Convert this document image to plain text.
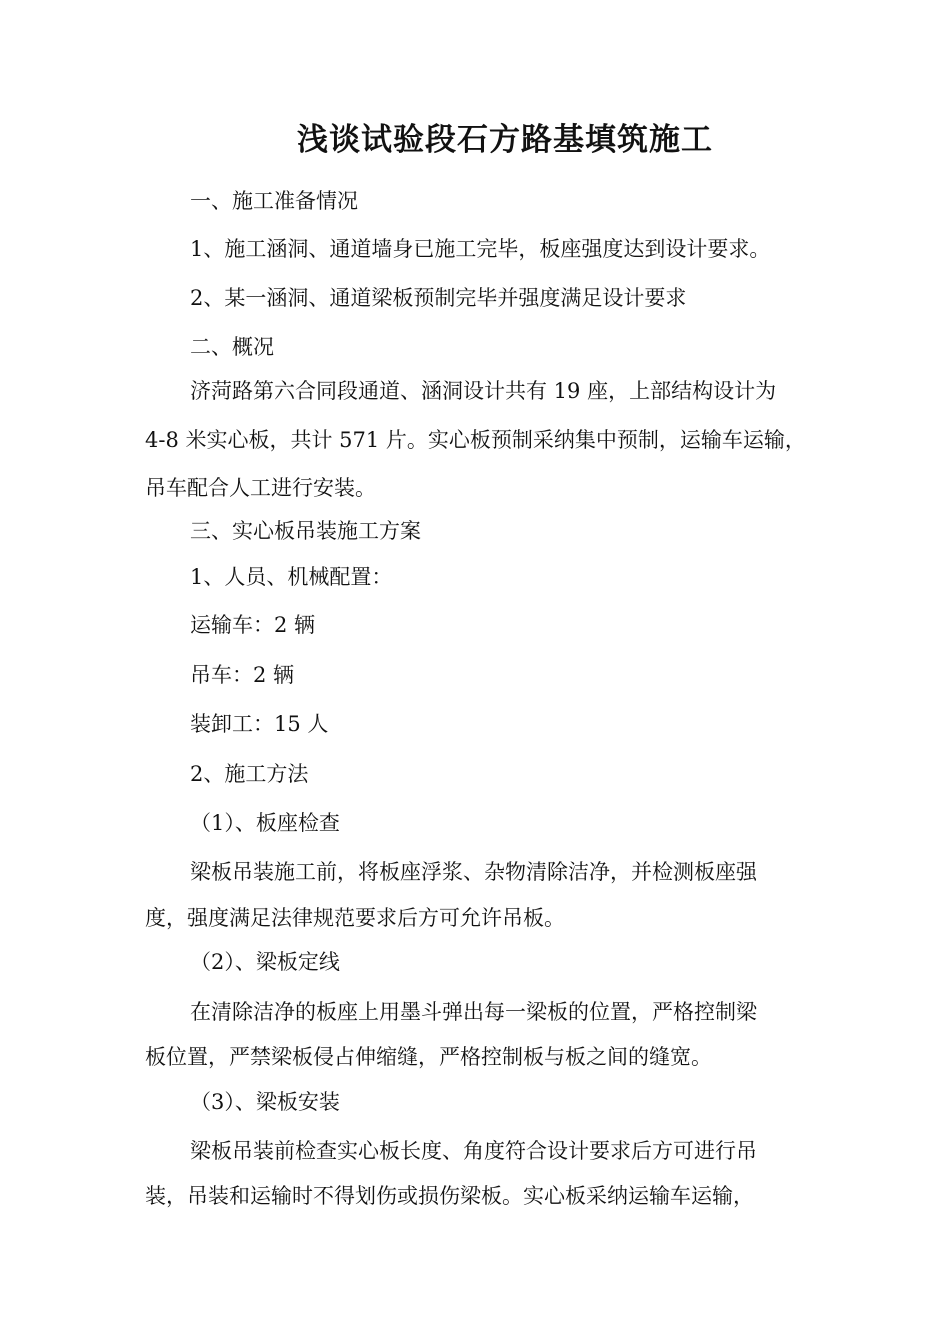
浅谈试验段石方路基填筑施工
一、施工准备情况
1、施工涵洞、通道墙身已施工完毕，板座强度达到设计要求。
2、某一涵洞、通道梁板预制完毕并强度满足设计要求
二、概况
济菏路第六合同段通道、涵洞设计共有 19 座，上部结构设计为
4-8 米实心板，共计 571 片。实心板预制采纳集中预制，运输车运输，
吊车配合人工进行安装。
三、实心板吊装施工方案
1、人员、机械配置：
运输车：2 辆
吊车：2 辆
装卸工：15 人
2、施工方法
（1）、板座检查
梁板吊装施工前，将板座浮浆、杂物清除洁净，并检测板座强
度，强度满足法律规范要求后方可允许吊板。
（2）、梁板定线
在清除洁净的板座上用墨斗弹出每一梁板的位置，严格控制梁
板位置，严禁梁板侵占伸缩缝，严格控制板与板之间的缝宽。
（3）、梁板安装
梁板吊装前检查实心板长度、角度符合设计要求后方可进行吊
装，吊装和运输时不得划伤或损伤梁板。实心板采纳运输车运输，
